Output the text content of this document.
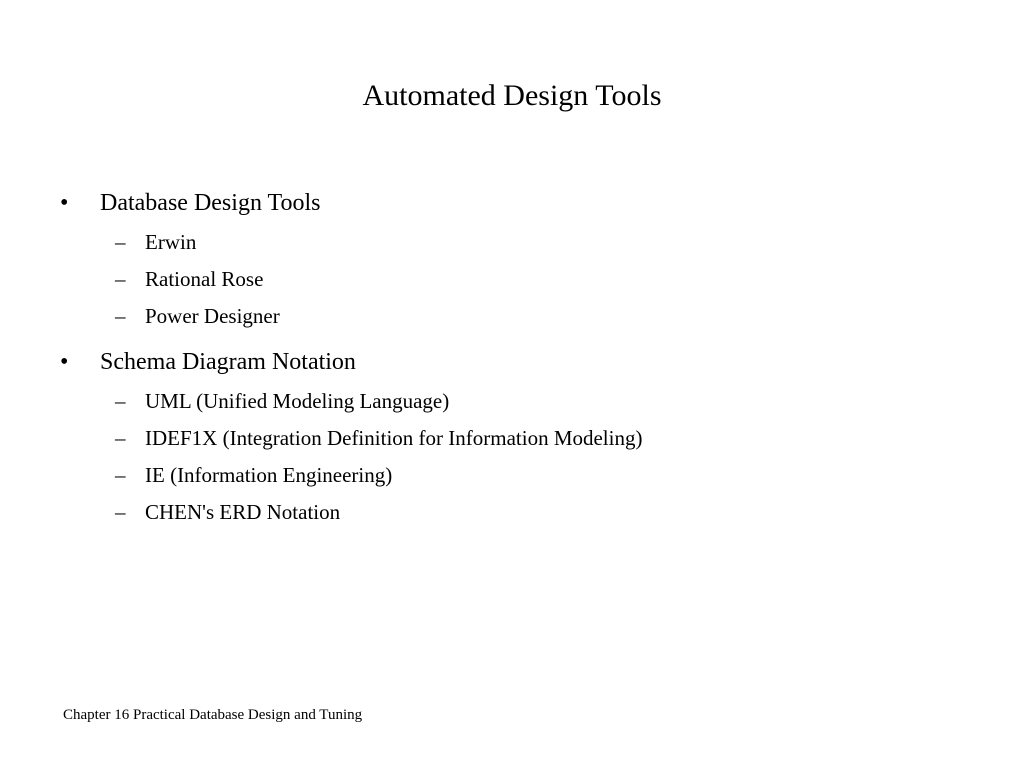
Automated Design Tools
• Database Design Tools
– Erwin
– Rational Rose
– Power Designer
• Schema Diagram Notation
– UML (Unified Modeling Language)
– IDEF1X (Integration Definition for Information Modeling)
– IE (Information Engineering)
– CHEN's ERD Notation
Chapter 16 Practical Database Design and Tuning
